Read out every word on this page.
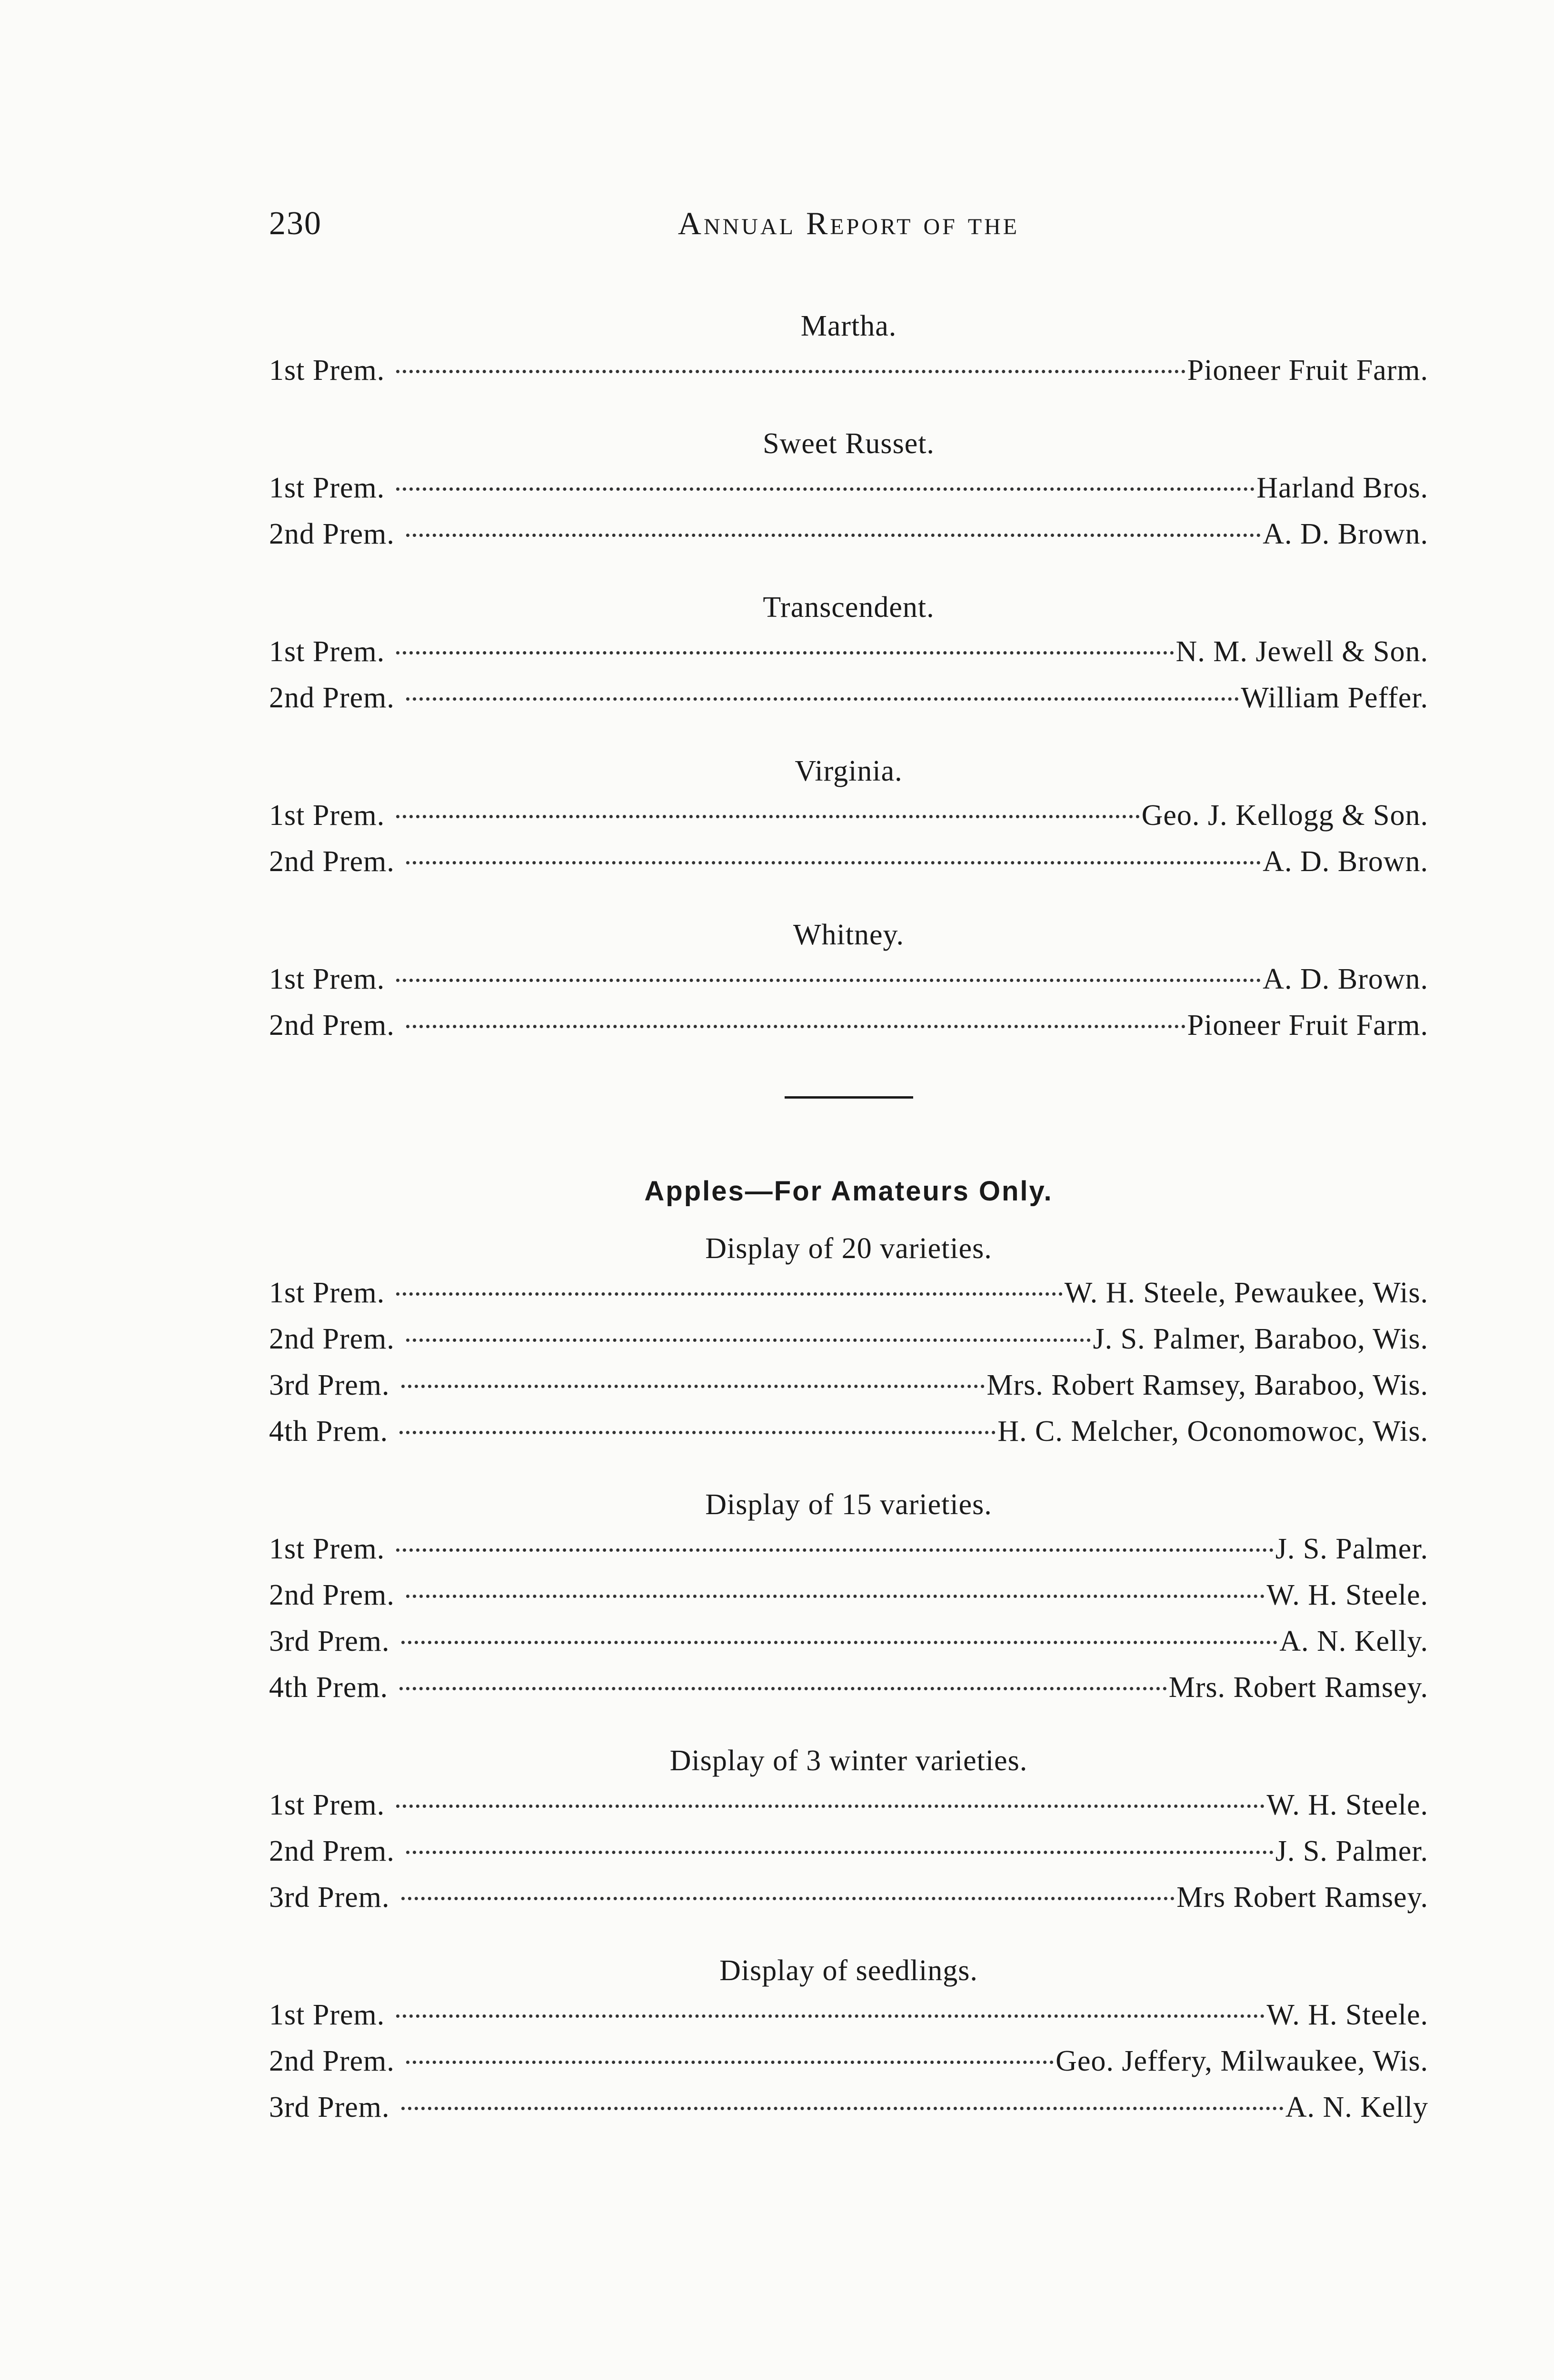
230	Annual Report of the
Martha.
1st Prem.	Pioneer Fruit Farm.
Sweet Russet.
1st Prem.	Harland Bros.
2nd Prem.	A. D. Brown.
Transcendent.
1st Prem.	N. M. Jewell & Son.
2nd Prem.	William Peffer.
Virginia.
1st Prem.	Geo. J. Kellogg & Son.
2nd Prem.	A. D. Brown.
Whitney.
1st Prem.	A. D. Brown.
2nd Prem.	Pioneer Fruit Farm.
Apples—For Amateurs Only.
Display of 20 varieties.
1st Prem.	W. H. Steele, Pewaukee, Wis.
2nd Prem.	J. S. Palmer, Baraboo, Wis.
3rd Prem.	Mrs. Robert Ramsey, Baraboo, Wis.
4th Prem.	H. C. Melcher, Oconomowoc, Wis.
Display of 15 varieties.
1st Prem.	J. S. Palmer.
2nd Prem.	W. H. Steele.
3rd Prem.	A. N. Kelly.
4th Prem.	Mrs. Robert Ramsey.
Display of 3 winter varieties.
1st Prem.	W. H. Steele.
2nd Prem.	J. S. Palmer.
3rd Prem.	Mrs Robert Ramsey.
Display of seedlings.
1st Prem.	W. H. Steele.
2nd Prem.	Geo. Jeffery, Milwaukee, Wis.
3rd Prem.	A. N. Kelly
